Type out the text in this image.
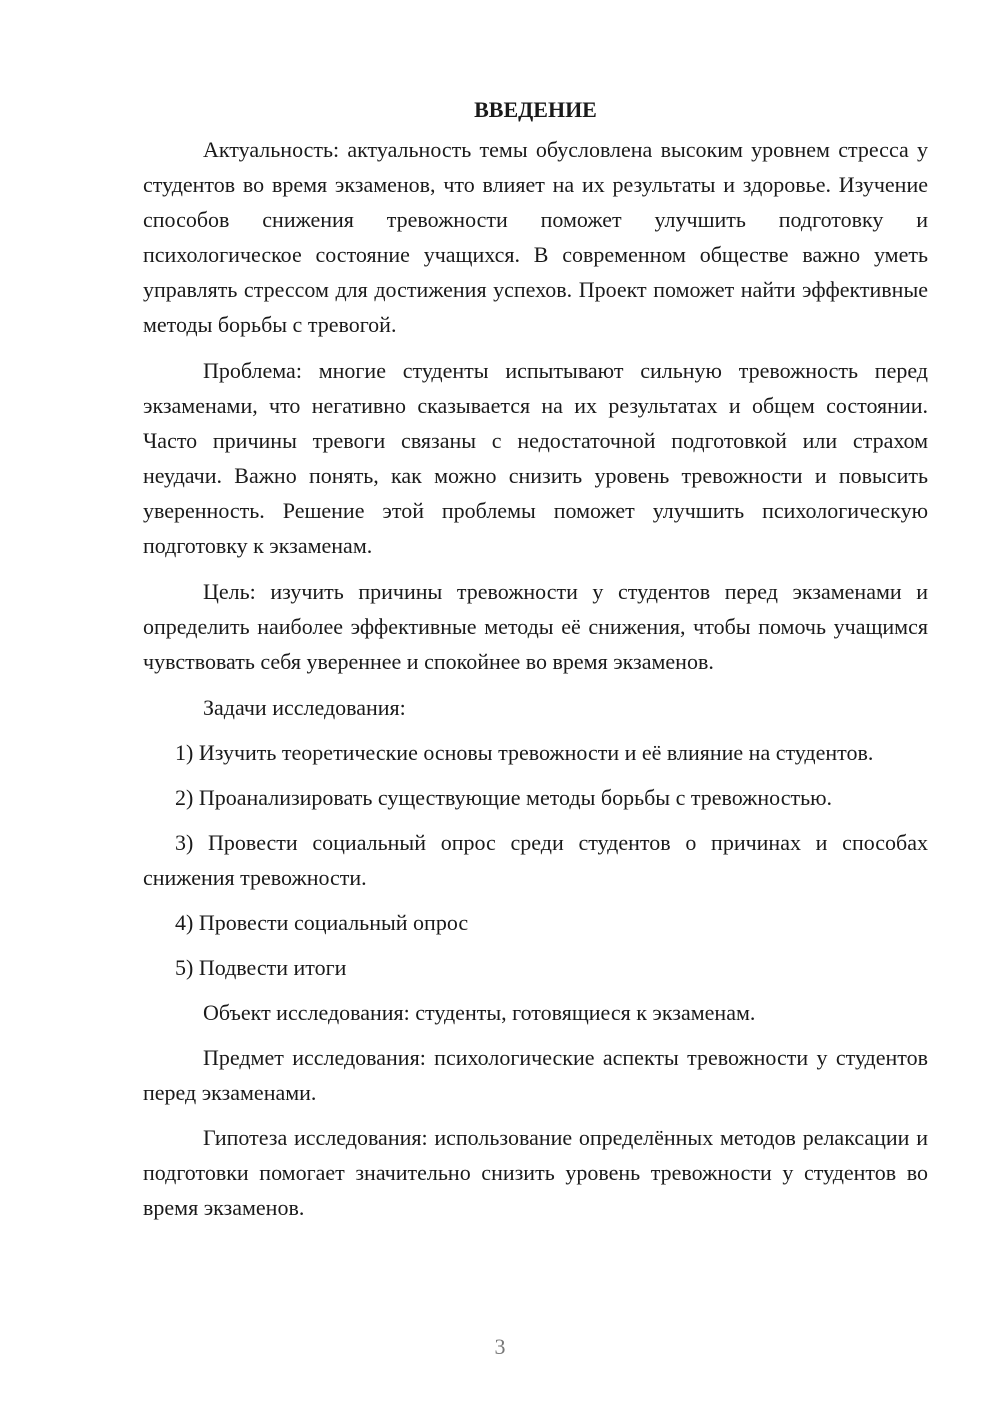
ВВЕДЕНИЕ

Актуальность: актуальность темы обусловлена высоким уровнем стресса у студентов во время экзаменов, что влияет на их результаты и здоровье. Изучение способов снижения тревожности поможет улучшить подготовку и психологическое состояние учащихся. В современном обществе важно уметь управлять стрессом для достижения успехов. Проект поможет найти эффективные методы борьбы с тревогой.

Проблема: многие студенты испытывают сильную тревожность перед экзаменами, что негативно сказывается на их результатах и общем состоянии. Часто причины тревоги связаны с недостаточной подготовкой или страхом неудачи. Важно понять, как можно снизить уровень тревожности и повысить уверенность. Решение этой проблемы поможет улучшить психологическую подготовку к экзаменам.

Цель: изучить причины тревожности у студентов перед экзаменами и определить наиболее эффективные методы её снижения, чтобы помочь учащимся чувствовать себя увереннее и спокойнее во время экзаменов.

Задачи исследования:

1) Изучить теоретические основы тревожности и её влияние на студентов.

2) Проанализировать существующие методы борьбы с тревожностью.

3) Провести социальный опрос среди студентов о причинах и способах снижения тревожности.

4) Провести социальный опрос

5) Подвести итоги

Объект исследования: студенты, готовящиеся к экзаменам.

Предмет исследования: психологические аспекты тревожности у студентов перед экзаменами.

Гипотеза исследования: использование определённых методов релаксации и подготовки помогает значительно снизить уровень тревожности у студентов во время экзаменов.

3
